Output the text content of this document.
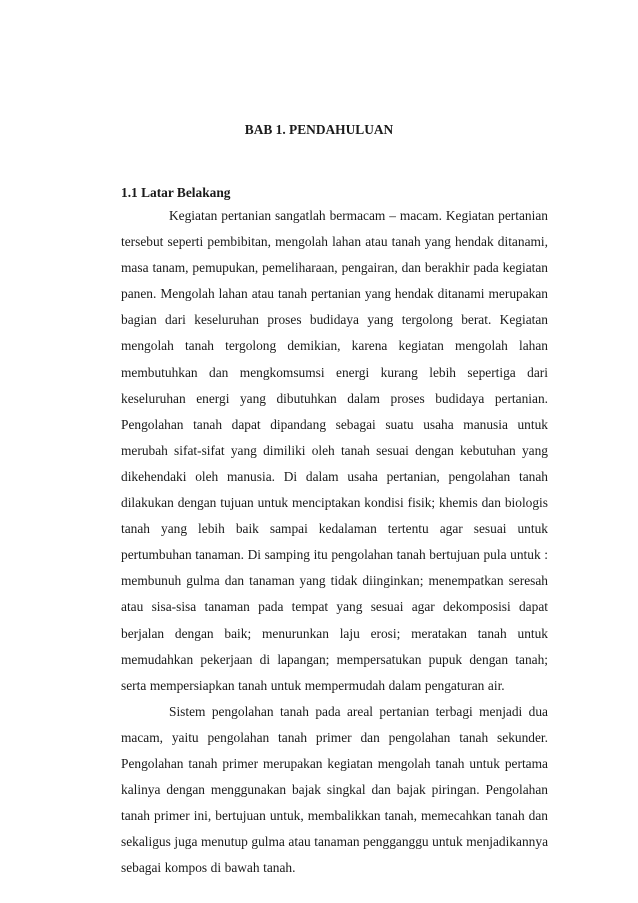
BAB 1. PENDAHULUAN
1.1 Latar Belakang

Kegiatan pertanian sangatlah bermacam – macam. Kegiatan pertanian tersebut seperti pembibitan, mengolah lahan atau tanah yang hendak ditanami, masa tanam, pemupukan, pemeliharaan, pengairan, dan berakhir pada kegiatan panen. Mengolah lahan atau tanah pertanian yang hendak ditanami merupakan bagian dari keseluruhan proses budidaya yang tergolong berat. Kegiatan mengolah tanah tergolong demikian, karena kegiatan mengolah lahan membutuhkan dan mengkomsumsi energi kurang lebih sepertiga dari keseluruhan energi yang dibutuhkan dalam proses budidaya pertanian. Pengolahan tanah dapat dipandang sebagai suatu usaha manusia untuk merubah sifat-sifat yang dimiliki oleh tanah sesuai dengan kebutuhan yang dikehendaki oleh manusia. Di dalam usaha pertanian, pengolahan tanah dilakukan dengan tujuan untuk menciptakan kondisi fisik; khemis dan biologis tanah yang lebih baik sampai kedalaman tertentu agar sesuai untuk pertumbuhan tanaman. Di samping itu pengolahan tanah bertujuan pula untuk : membunuh gulma dan tanaman yang tidak diinginkan; menempatkan seresah atau sisa-sisa tanaman pada tempat yang sesuai agar dekomposisi dapat berjalan dengan baik; menurunkan laju erosi; meratakan tanah untuk memudahkan pekerjaan di lapangan; mempersatukan pupuk dengan tanah; serta mempersiapkan tanah untuk mempermudah dalam pengaturan air.

Sistem pengolahan tanah pada areal pertanian terbagi menjadi dua macam, yaitu pengolahan tanah primer dan pengolahan tanah sekunder. Pengolahan tanah primer merupakan kegiatan mengolah tanah untuk pertama kalinya dengan menggunakan bajak singkal dan bajak piringan. Pengolahan tanah primer ini, bertujuan untuk, membalikkan tanah, memecahkan tanah dan sekaligus juga menutup gulma atau tanaman pengganggu untuk menjadikannya sebagai kompos di bawah tanah.
